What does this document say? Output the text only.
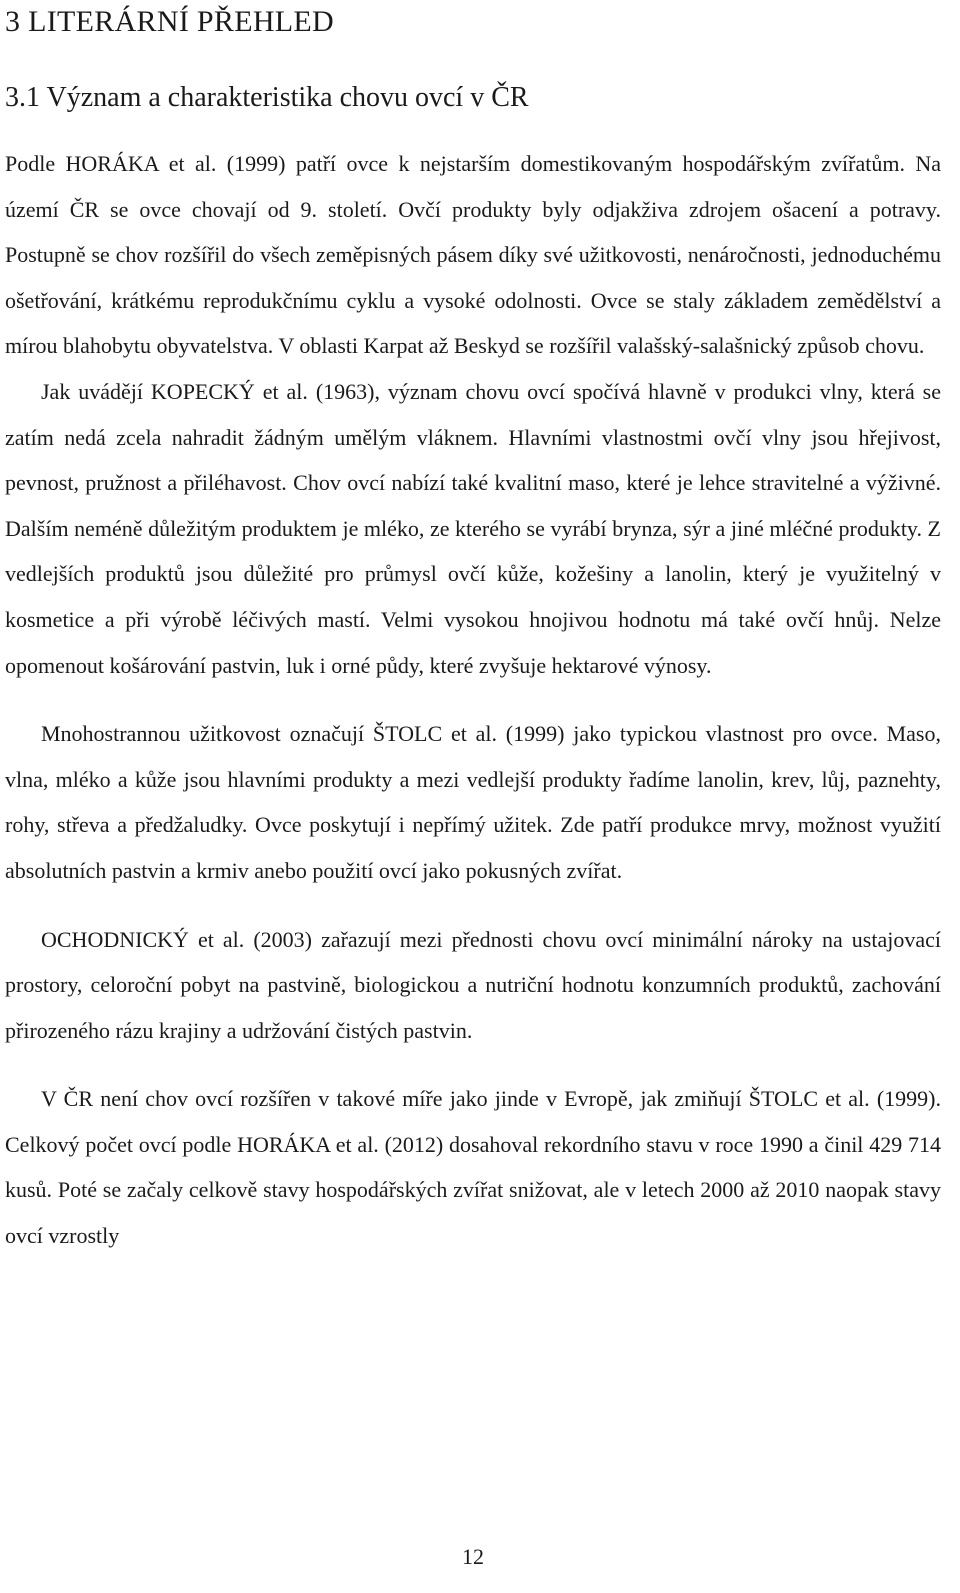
3 LITERÁRNÍ PŘEHLED
3.1 Význam a charakteristika chovu ovcí v ČR

Podle HORÁKA et al. (1999) patří ovce k nejstarším domestikovaným hospodářským zvířatům. Na území ČR se ovce chovají od 9. století. Ovčí produkty byly odjakživa zdrojem ošacení a potravy. Postupně se chov rozšířil do všech zeměpisných pásem díky své užitkovosti, nenáročnosti, jednoduchému ošetřování, krátkému reprodukčnímu cyklu a vysoké odolnosti. Ovce se staly základem zemědělství a mírou blahobytu obyvatelstva. V oblasti Karpat až Beskyd se rozšířil valašský-salašnický způsob chovu.

Jak uvádějí KOPECKÝ et al. (1963), význam chovu ovcí spočívá hlavně v produkci vlny, která se zatím nedá zcela nahradit žádným umělým vláknem. Hlavními vlastnostmi ovčí vlny jsou hřejivost, pevnost, pružnost a přiléhavost. Chov ovcí nabízí také kvalitní maso, které je lehce stravitelné a výživné. Dalším neméně důležitým produktem je mléko, ze kterého se vyrábí brynza, sýr a jiné mléčné produkty. Z vedlejších produktů jsou důležité pro průmysl ovčí kůže, kožešiny a lanolin, který je využitelný v kosmetice a při výrobě léčivých mastí. Velmi vysokou hnojivou hodnotu má také ovčí hnůj. Nelze opomenout košárování pastvin, luk i orné půdy, které zvyšuje hektarové výnosy.

Mnohostrannou užitkovost označují ŠTOLC et al. (1999) jako typickou vlastnost pro ovce. Maso, vlna, mléko a kůže jsou hlavními produkty a mezi vedlejší produkty řadíme lanolin, krev, lůj, paznehty, rohy, střeva a předžaludky. Ovce poskytují i nepřímý užitek. Zde patří produkce mrvy, možnost využití absolutních pastvin a krmiv anebo použití ovcí jako pokusných zvířat.

OCHODNICKÝ et al. (2003) zařazují mezi přednosti chovu ovcí minimální nároky na ustajovací prostory, celoroční pobyt na pastvině, biologickou a nutriční hodnotu konzumních produktů, zachování přirozeného rázu krajiny a udržování čistých pastvin.

V ČR není chov ovcí rozšířen v takové míře jako jinde v Evropě, jak zmiňují ŠTOLC et al. (1999). Celkový počet ovcí podle HORÁKA et al. (2012) dosahoval rekordního stavu v roce 1990 a činil 429 714 kusů. Poté se začaly celkově stavy hospodářských zvířat snižovat, ale v letech 2000 až 2010 naopak stavy ovcí vzrostly

12
